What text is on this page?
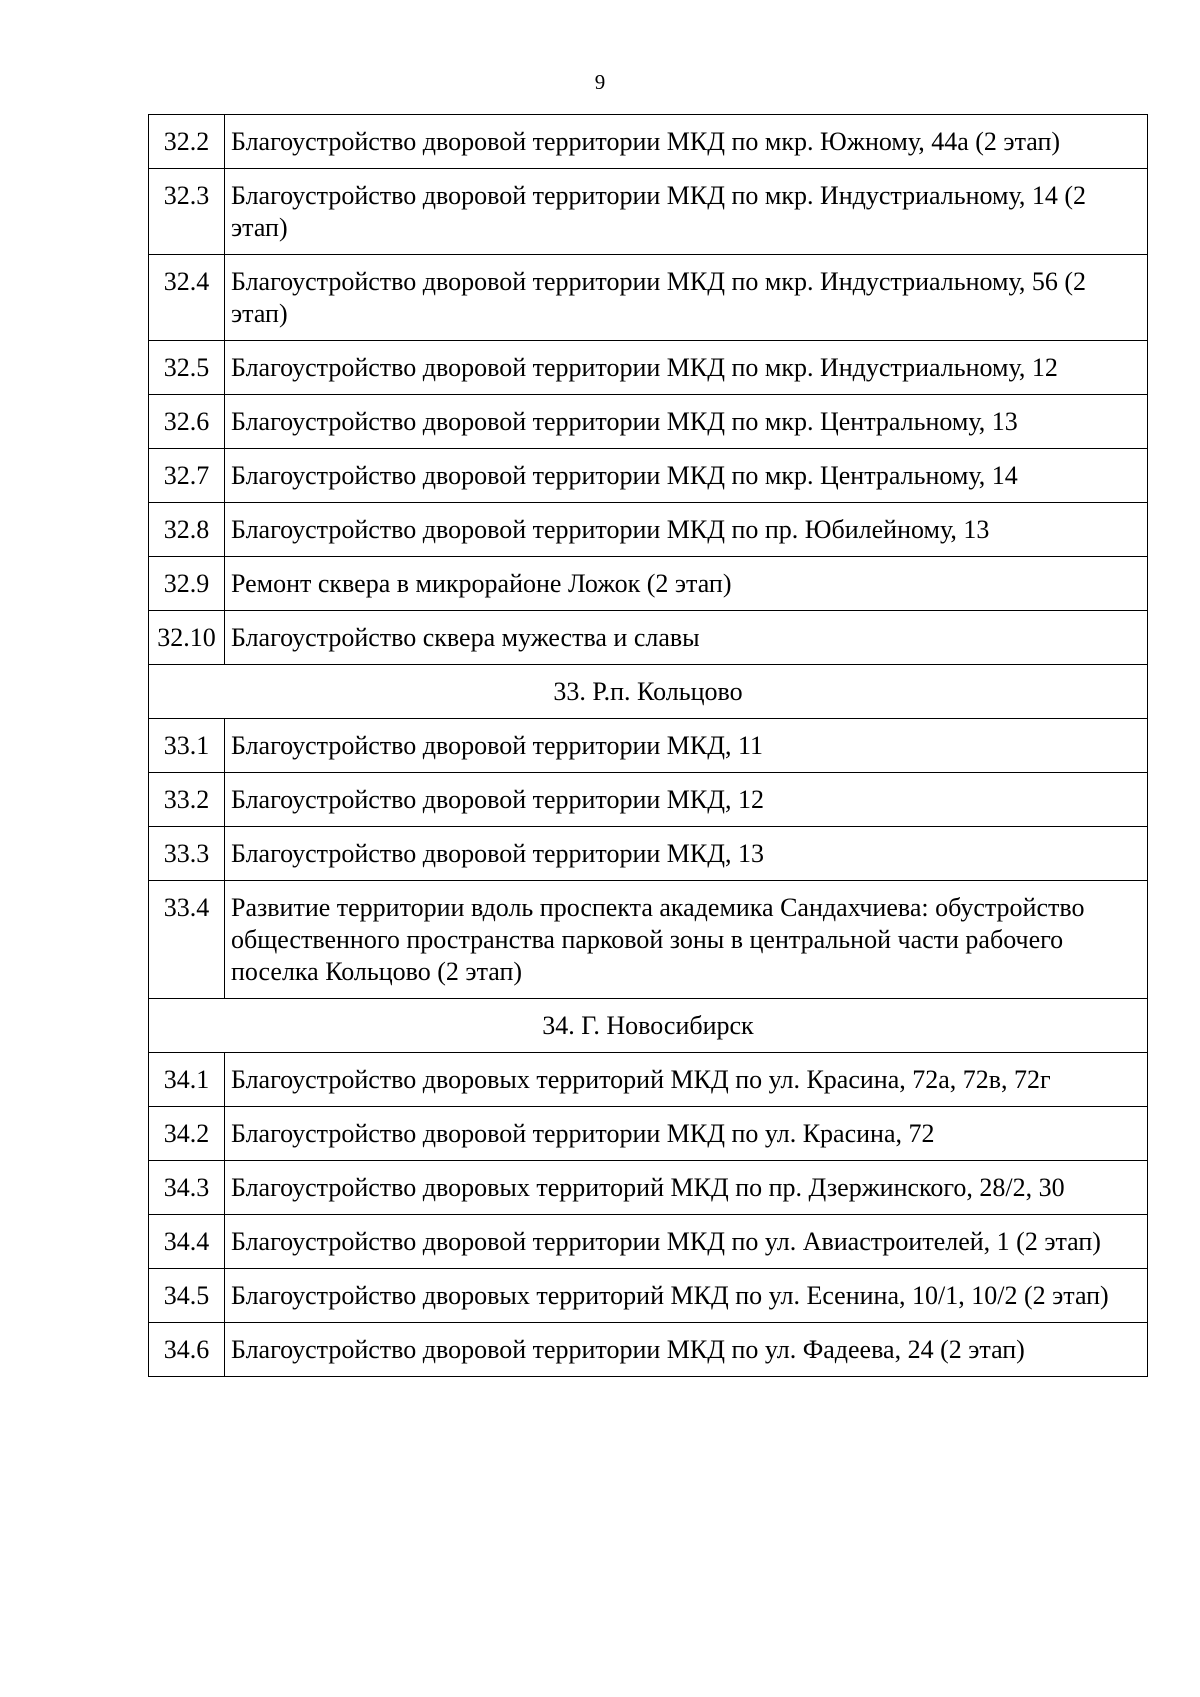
9
32.2	Благоустройство дворовой территории МКД по мкр. Южному, 44а (2 этап)
32.3	Благоустройство дворовой территории МКД по мкр. Индустриальному, 14 (2 этап)
32.4	Благоустройство дворовой территории МКД по мкр. Индустриальному, 56 (2 этап)
32.5	Благоустройство дворовой территории МКД по мкр. Индустриальному, 12
32.6	Благоустройство дворовой территории МКД по мкр. Центральному, 13
32.7	Благоустройство дворовой территории МКД по мкр. Центральному, 14
32.8	Благоустройство дворовой территории МКД по пр. Юбилейному, 13
32.9	Ремонт сквера в микрорайоне Ложок (2 этап)
32.10	Благоустройство сквера мужества и славы
33. Р.п. Кольцово	
33.1	Благоустройство дворовой территории МКД, 11
33.2	Благоустройство дворовой территории МКД, 12
33.3	Благоустройство дворовой территории МКД, 13
33.4	Развитие территории вдоль проспекта академика Сандахчиева: обустройство общественного пространства парковой зоны в центральной части рабочего поселка Кольцово (2 этап)
34. Г. Новосибирск	
34.1	Благоустройство дворовых территорий МКД по ул. Красина, 72а, 72в, 72г
34.2	Благоустройство дворовой территории МКД по ул. Красина, 72
34.3	Благоустройство дворовых территорий МКД по пр. Дзержинского, 28/2, 30
34.4	Благоустройство дворовой территории МКД по ул. Авиастроителей, 1 (2 этап)
34.5	Благоустройство дворовых территорий МКД по ул. Есенина, 10/1, 10/2 (2 этап)
34.6	Благоустройство дворовой территории МКД по ул. Фадеева, 24 (2 этап)
